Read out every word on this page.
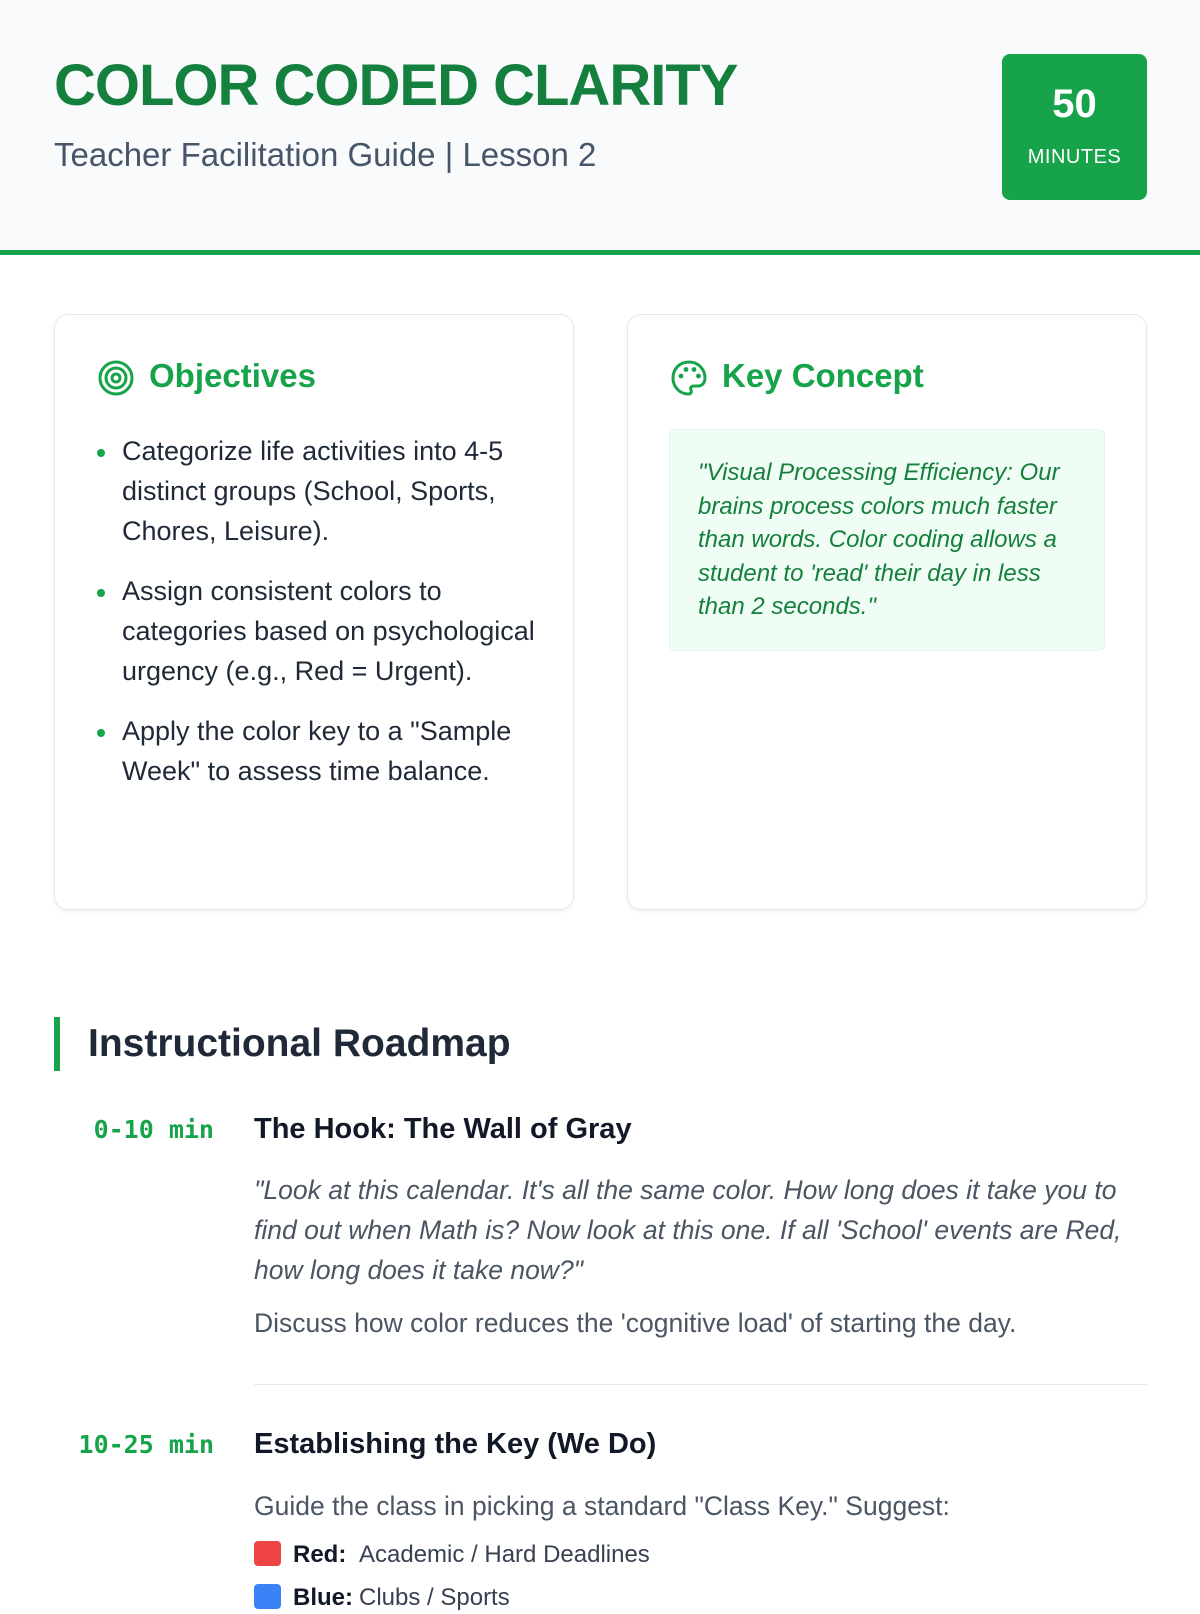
COLOR CODED CLARITY

Teacher Facilitation Guide | Lesson 2

50
MINUTES
Objectives
Categorize life activities into 4-5 distinct groups (School, Sports, Chores, Leisure).
Assign consistent colors to categories based on psychological urgency (e.g., Red = Urgent).
Apply the color key to a "Sample Week" to assess time balance.
Key Concept
"Visual Processing Efficiency: Our brains process colors much faster than words. Color coding allows a student to 'read' their day in less than 2 seconds."
Instructional Roadmap
0-10 min The Hook: The Wall of Gray
"Look at this calendar. It's all the same color. How long does it take you to find out when Math is? Now look at this one. If all 'School' events are Red, how long does it take now?"
Discuss how color reduces the 'cognitive load' of starting the day.
10-25 min Establishing the Key (We Do)
Guide the class in picking a standard "Class Key." Suggest:
Red: Academic / Hard Deadlines
Blue: Clubs / Sports
